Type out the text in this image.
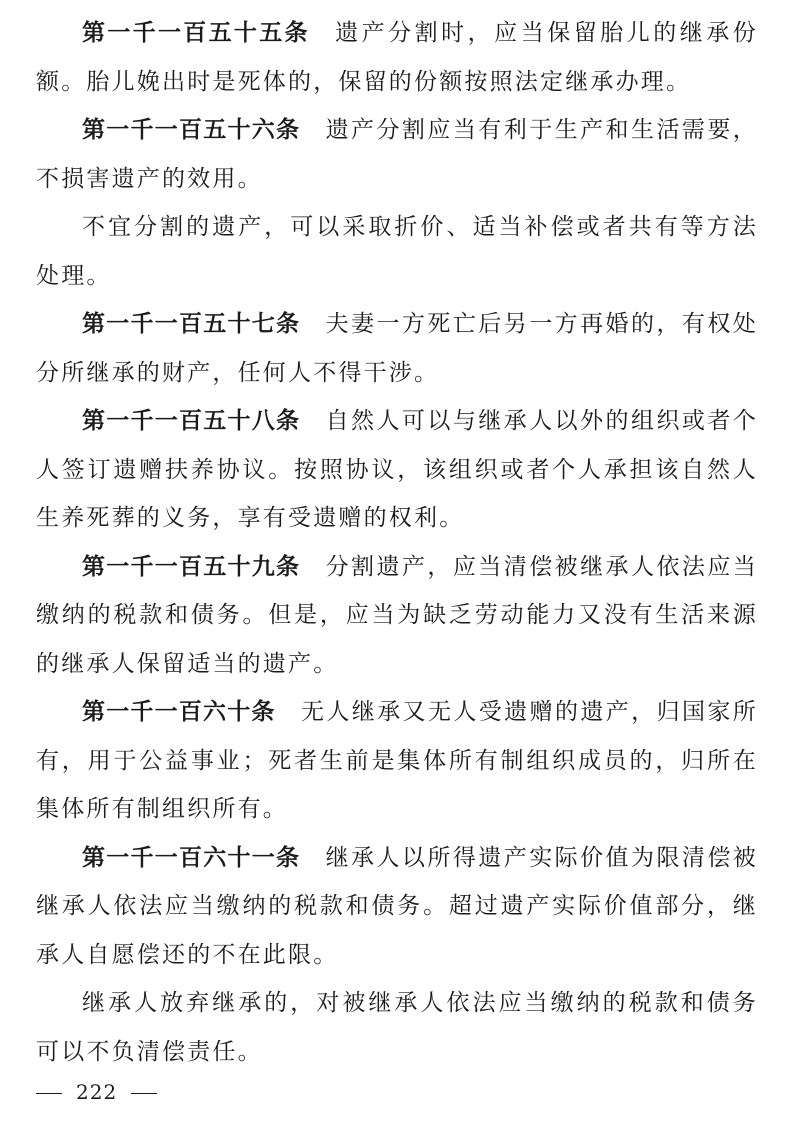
第一千一百五十五条 遗产分割时，应当保留胎儿的继承份额。胎儿娩出时是死体的，保留的份额按照法定继承办理。

第一千一百五十六条 遗产分割应当有利于生产和生活需要，不损害遗产的效用。

不宜分割的遗产，可以采取折价、适当补偿或者共有等方法处理。

第一千一百五十七条 夫妻一方死亡后另一方再婚的，有权处分所继承的财产，任何人不得干涉。

第一千一百五十八条 自然人可以与继承人以外的组织或者个人签订遗赠扶养协议。按照协议，该组织或者个人承担该自然人生养死葬的义务，享有受遗赠的权利。

第一千一百五十九条 分割遗产，应当清偿被继承人依法应当缴纳的税款和债务。但是，应当为缺乏劳动能力又没有生活来源的继承人保留适当的遗产。

第一千一百六十条 无人继承又无人受遗赠的遗产，归国家所有，用于公益事业；死者生前是集体所有制组织成员的，归所在集体所有制组织所有。

第一千一百六十一条 继承人以所得遗产实际价值为限清偿被继承人依法应当缴纳的税款和债务。超过遗产实际价值部分，继承人自愿偿还的不在此限。

继承人放弃继承的，对被继承人依法应当缴纳的税款和债务可以不负清偿责任。

222
